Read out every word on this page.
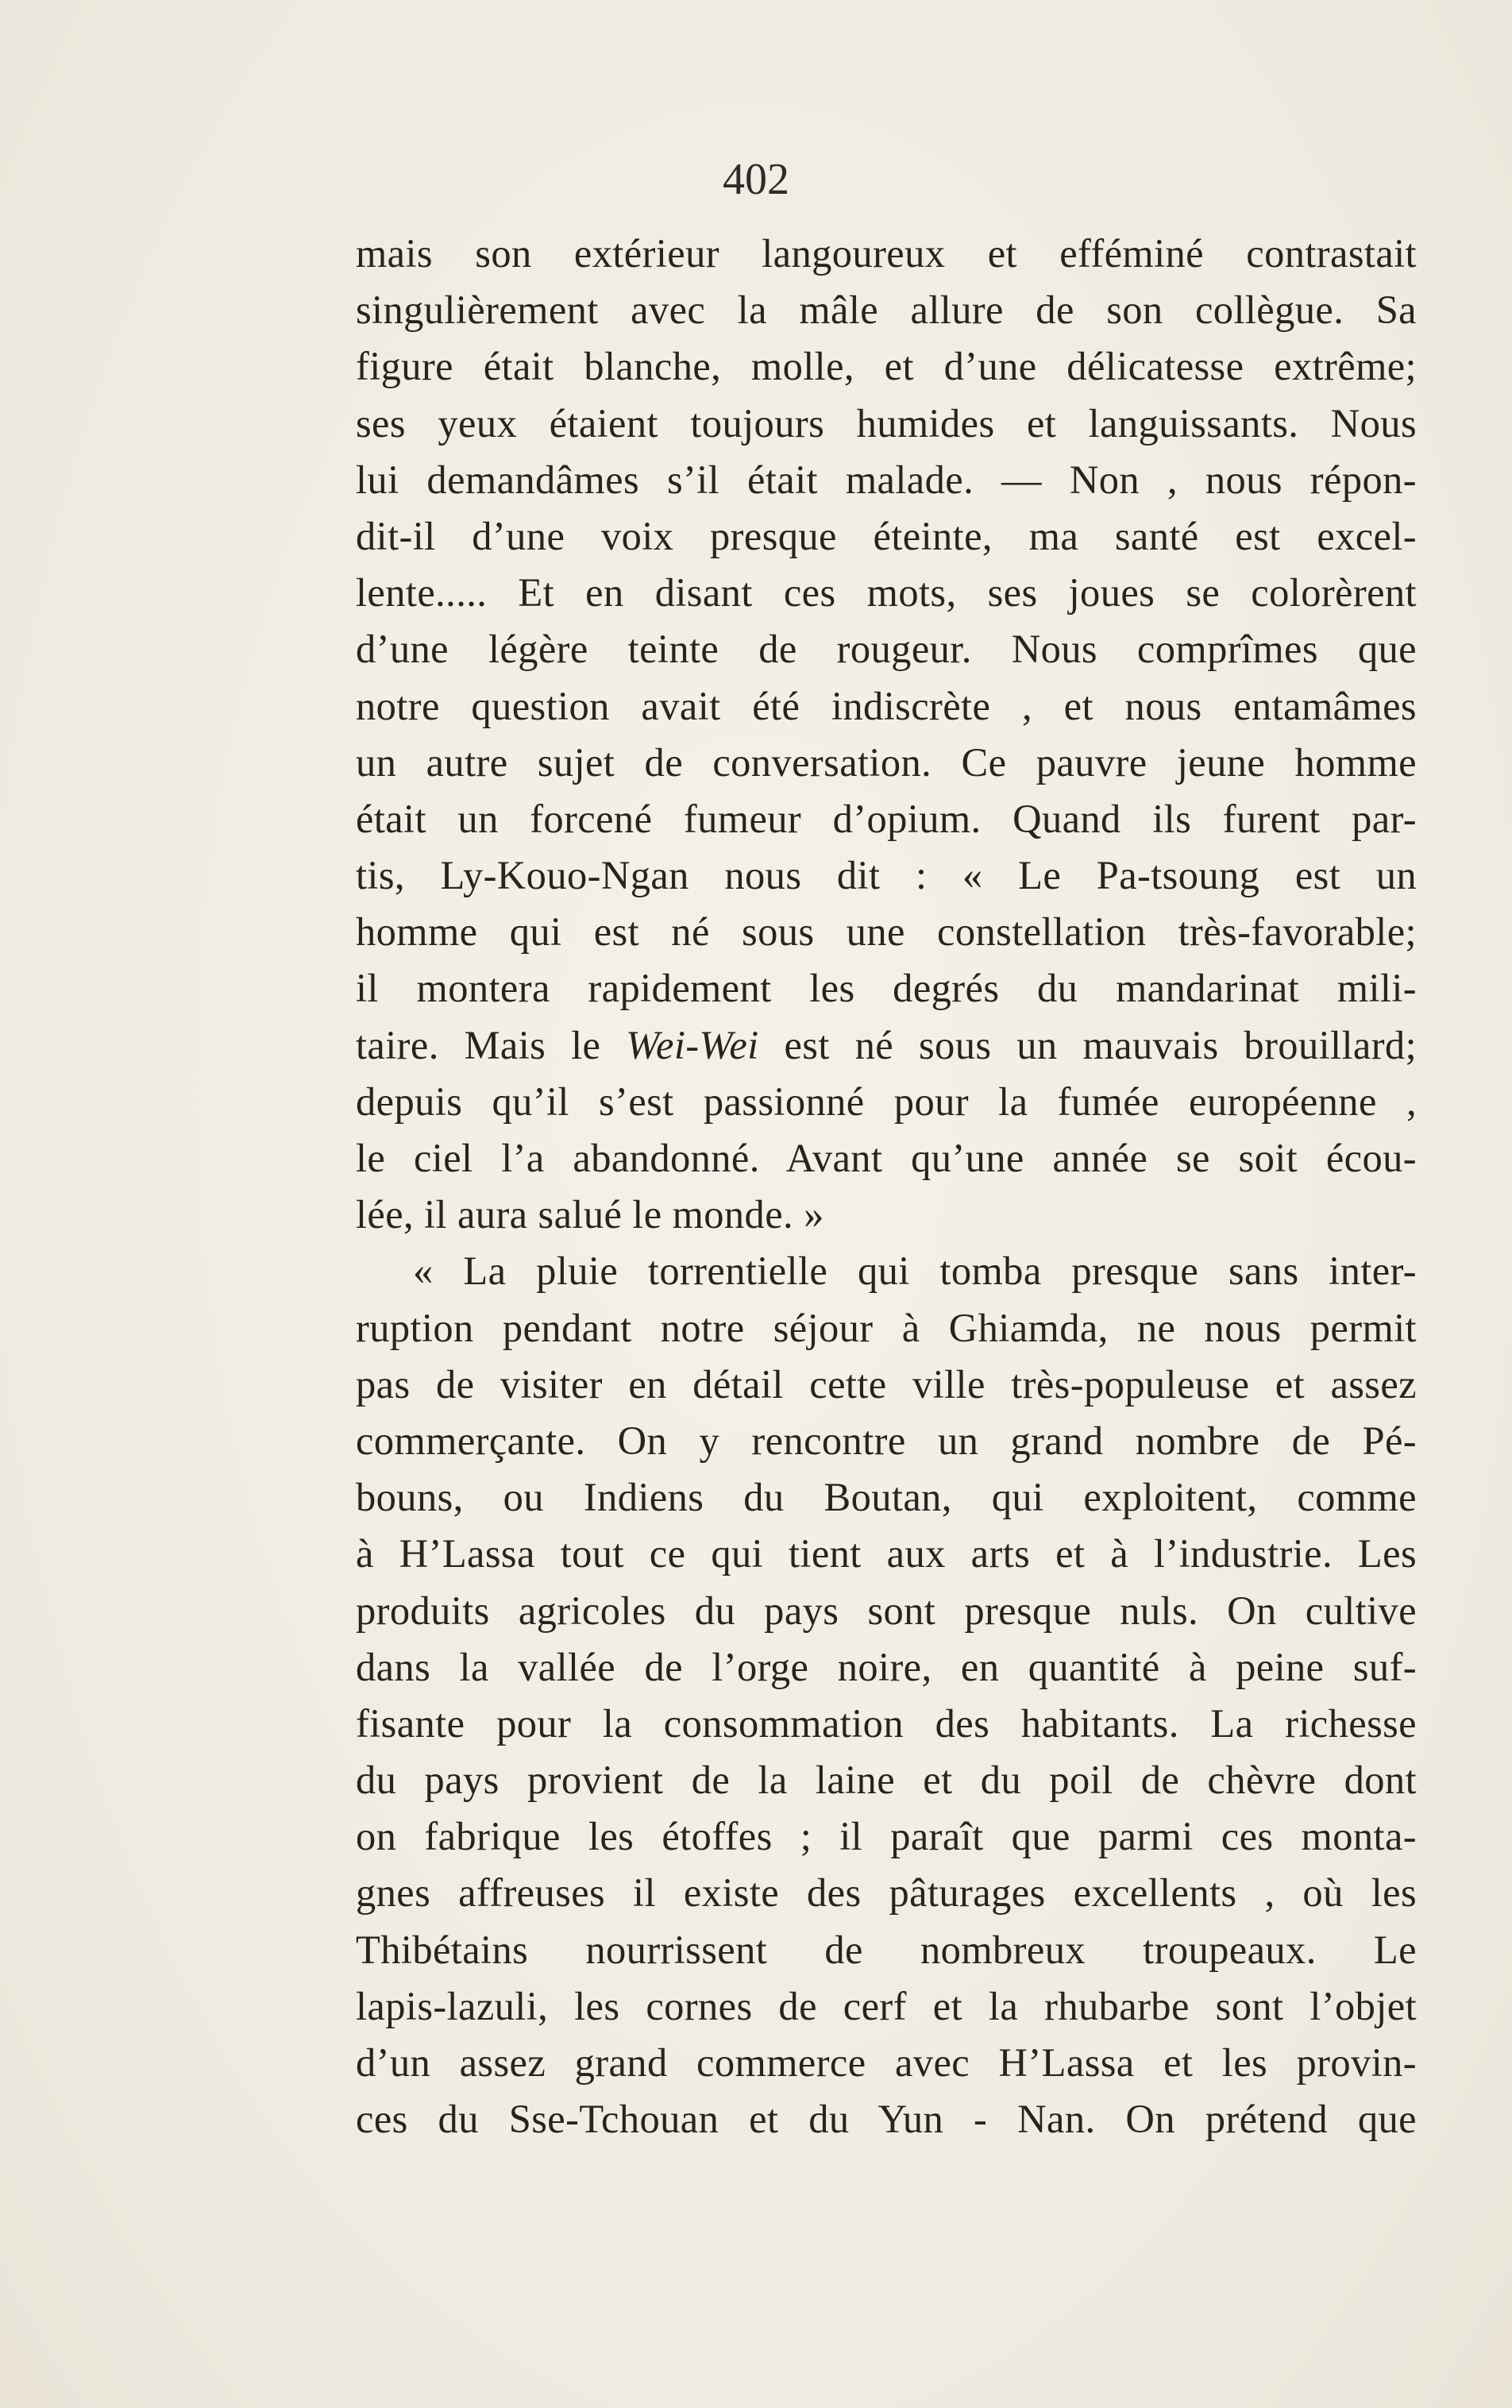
402
mais son extérieur langoureux et efféminé contrastait
singulièrement avec la mâle allure de son collègue. Sa
figure était blanche, molle, et d’une délicatesse extrême;
ses yeux étaient toujours humides et languissants. Nous
lui demandâmes s’il était malade. — Non , nous répon-
dit-il d’une voix presque éteinte, ma santé est excel-
lente..... Et en disant ces mots, ses joues se colorèrent
d’une légère teinte de rougeur. Nous comprîmes que
notre question avait été indiscrète , et nous entamâmes
un autre sujet de conversation. Ce pauvre jeune homme
était un forcené fumeur d’opium. Quand ils furent par-
tis, Ly-Kouo-Ngan nous dit : « Le Pa-tsoung est un
homme qui est né sous une constellation très-favorable;
il montera rapidement les degrés du mandarinat mili-
taire. Mais le Wei-Wei est né sous un mauvais brouillard;
depuis qu’il s’est passionné pour la fumée européenne ,
le ciel l’a abandonné. Avant qu’une année se soit écou-
lée, il aura salué le monde. »
« La pluie torrentielle qui tomba presque sans inter-
ruption pendant notre séjour à Ghiamda, ne nous permit
pas de visiter en détail cette ville très-populeuse et assez
commerçante. On y rencontre un grand nombre de Pé-
bouns, ou Indiens du Boutan, qui exploitent, comme
à H’Lassa tout ce qui tient aux arts et à l’industrie. Les
produits agricoles du pays sont presque nuls. On cultive
dans la vallée de l’orge noire, en quantité à peine suf-
fisante pour la consommation des habitants. La richesse
du pays provient de la laine et du poil de chèvre dont
on fabrique les étoffes ; il paraît que parmi ces monta-
gnes affreuses il existe des pâturages excellents , où les
Thibétains nourrissent de nombreux troupeaux. Le
lapis-lazuli, les cornes de cerf et la rhubarbe sont l’objet
d’un assez grand commerce avec H’Lassa et les provin-
ces du Sse-Tchouan et du Yun - Nan. On prétend que
